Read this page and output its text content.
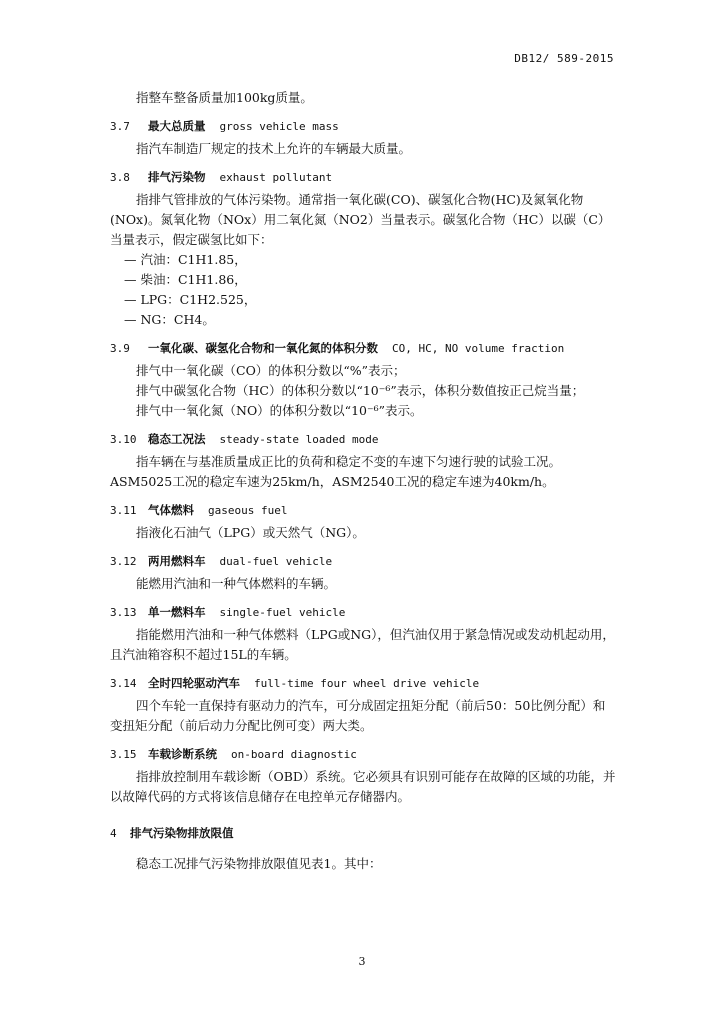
DB12/ 589-2015

指整车整备质量加100kg质量。

3.7 最大总质量 gross vehicle mass

指汽车制造厂规定的技术上允许的车辆最大质量。

3.8 排气污染物 exhaust pollutant

指排气管排放的气体污染物。通常指一氧化碳(CO)、碳氢化合物(HC)及氮氧化物(NOx)。氮氧化物（NOx）用二氧化氮（NO2）当量表示。碳氢化合物（HC）以碳（C）当量表示，假定碳氢比如下：

— 汽油：C1H1.85，
— 柴油：C1H1.86，
— LPG：C1H2.525，
— NG：CH4。
3.9 一氧化碳、碳氢化合物和一氧化氮的体积分数 CO, HC, NO volume fraction

排气中一氧化碳（CO）的体积分数以“%”表示；

排气中碳氢化合物（HC）的体积分数以“10⁻⁶”表示，体积分数值按正己烷当量；

排气中一氧化氮（NO）的体积分数以“10⁻⁶”表示。

3.10 稳态工况法 steady-state loaded mode

指车辆在与基准质量成正比的负荷和稳定不变的车速下匀速行驶的试验工况。ASM5025工况的稳定车速为25km/h，ASM2540工况的稳定车速为40km/h。

3.11 气体燃料 gaseous fuel

指液化石油气（LPG）或天然气（NG）。

3.12 两用燃料车 dual-fuel vehicle

能燃用汽油和一种气体燃料的车辆。

3.13 单一燃料车 single-fuel vehicle

指能燃用汽油和一种气体燃料（LPG或NG），但汽油仅用于紧急情况或发动机起动用，且汽油箱容积不超过15L的车辆。

3.14 全时四轮驱动汽车 full-time four wheel drive vehicle

四个车轮一直保持有驱动力的汽车，可分成固定扭矩分配（前后50：50比例分配）和变扭矩分配（前后动力分配比例可变）两大类。

3.15 车载诊断系统 on-board diagnostic

指排放控制用车载诊断（OBD）系统。它必须具有识别可能存在故障的区域的功能，并以故障代码的方式将该信息储存在电控单元存储器内。

4 排气污染物排放限值

稳态工况排气污染物排放限值见表1。其中：

3
